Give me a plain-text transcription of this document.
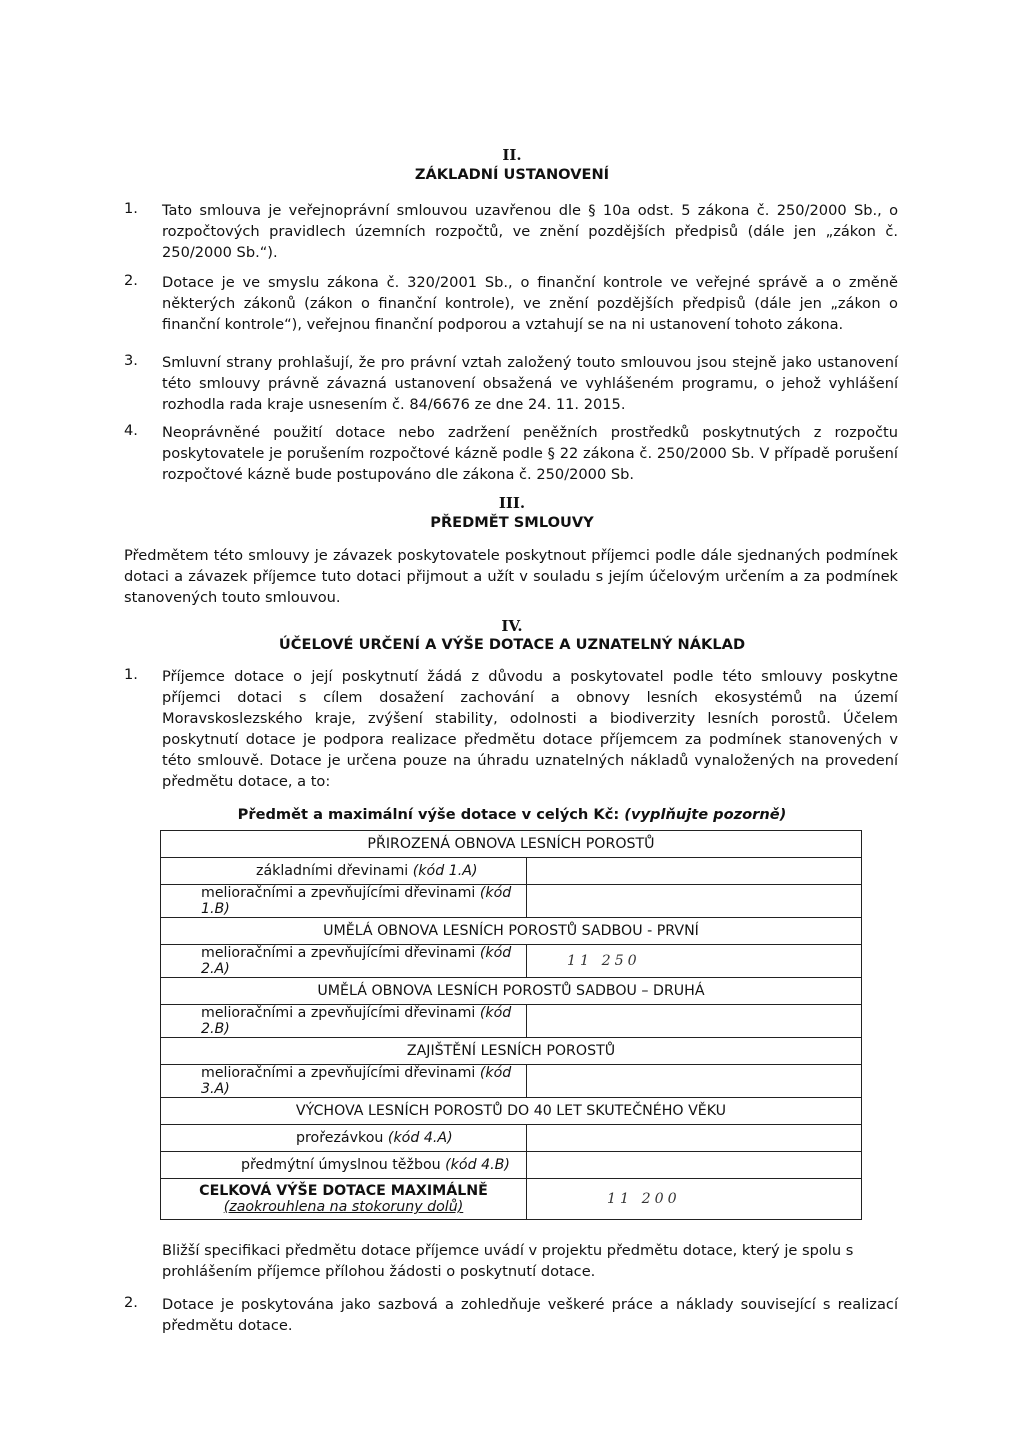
II.
ZÁKLADNÍ USTANOVENÍ
1. Tato smlouva je veřejnoprávní smlouvou uzavřenou dle § 10a odst. 5 zákona č. 250/2000 Sb., o rozpočtových pravidlech územních rozpočtů, ve znění pozdějších předpisů (dále jen „zákon č. 250/2000 Sb.“).
2. Dotace je ve smyslu zákona č. 320/2001 Sb., o finanční kontrole ve veřejné správě a o změně některých zákonů (zákon o finanční kontrole), ve znění pozdějších předpisů (dále jen „zákon o finanční kontrole“), veřejnou finanční podporou a vztahují se na ni ustanovení tohoto zákona.
3. Smluvní strany prohlašují, že pro právní vztah založený touto smlouvou jsou stejně jako ustanovení této smlouvy právně závazná ustanovení obsažená ve vyhlášeném programu, o jehož vyhlášení rozhodla rada kraje usnesením č. 84/6676 ze dne 24. 11. 2015.
4. Neoprávněné použití dotace nebo zadržení peněžních prostředků poskytnutých z rozpočtu poskytovatele je porušením rozpočtové kázně podle § 22 zákona č. 250/2000 Sb. V případě porušení rozpočtové kázně bude postupováno dle zákona č. 250/2000 Sb.
III.
PŘEDMĚT SMLOUVY
Předmětem této smlouvy je závazek poskytovatele poskytnout příjemci podle dále sjednaných podmínek dotaci a závazek příjemce tuto dotaci přijmout a užít v souladu s jejím účelovým určením a za podmínek stanovených touto smlouvou.
IV.
ÚČELOVÉ URČENÍ A VÝŠE DOTACE A UZNATELNÝ NÁKLAD
1. Příjemce dotace o její poskytnutí žádá z důvodu a poskytovatel podle této smlouvy poskytne příjemci dotaci s cílem dosažení zachování a obnovy lesních ekosystémů na území Moravskoslezského kraje, zvýšení stability, odolnosti a biodiverzity lesních porostů. Účelem poskytnutí dotace je podpora realizace předmětu dotace příjemcem za podmínek stanovených v této smlouvě. Dotace je určena pouze na úhradu uznatelných nákladů vynaložených na provedení předmětu dotace, a to:
Předmět a maximální výše dotace v celých Kč: (vyplňujte pozorně)
PŘIROZENÁ OBNOVA LESNÍCH POROSTŮ	
základními dřevinami (kód 1.A)	
melioračními a zpevňujícími dřevinami (kód 1.B)	
UMĚLÁ OBNOVA LESNÍCH POROSTŮ SADBOU - PRVNÍ	
melioračními a zpevňujícími dřevinami (kód 2.A)	11 250
UMĚLÁ OBNOVA LESNÍCH POROSTŮ SADBOU – DRUHÁ	
melioračními a zpevňujícími dřevinami (kód 2.B)	
ZAJIŠTĚNÍ LESNÍCH POROSTŮ	
melioračními a zpevňujícími dřevinami (kód 3.A)	
VÝCHOVA LESNÍCH POROSTŮ DO 40 LET SKUTEČNÉHO VĚKU	
prořezávkou (kód 4.A)	
předmýtní úmyslnou těžbou (kód 4.B)	
CELKOVÁ VÝŠE DOTACE MAXIMÁLNĚ
(zaokrouhlena na stokoruny dolů)	11 200
Bližší specifikaci předmětu dotace příjemce uvádí v projektu předmětu dotace, který je spolu s prohlášením příjemce přílohou žádosti o poskytnutí dotace.
2. Dotace je poskytována jako sazbová a zohledňuje veškeré práce a náklady související s realizací předmětu dotace.
